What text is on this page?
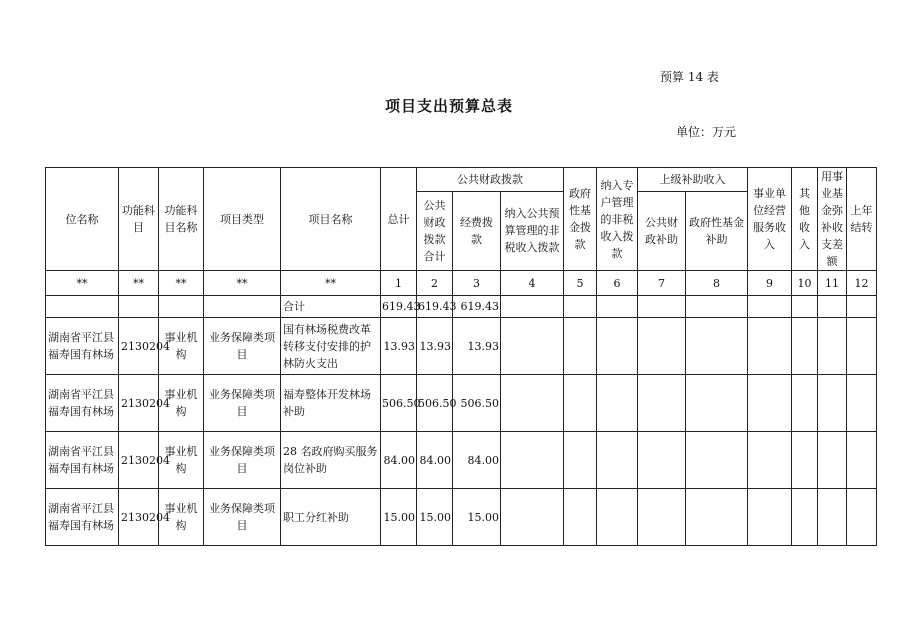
预算 14 表
项目支出预算总表
单位：万元
位名称	功能科目	功能科目名称	项目类型	项目名称	总计	公共财政拨款			政府性基金拨款	纳入专户管理的非税收入拨款	上级补助收入		事业单位经营服务收入	其他收入	用事业基金弥补收支差额	上年结转
						公共财政拨款合计	经费拨款	纳入公共预算管理的非税收入拨款			公共财政补助	政府性基金补助				
**	**	**	**	**	1	2	3	4	5	6	7	8	9	10	11	12
				合计	619.43	619.43	619.43									
湖南省平江县福寿国有林场	2130204	事业机构	业务保障类项目	国有林场税费改革转移支付安排的护林防火支出	13.93	13.93	13.93									
湖南省平江县福寿国有林场	2130204	事业机构	业务保障类项目	福寿整体开发林场补助	506.50	506.50	506.50									
湖南省平江县福寿国有林场	2130204	事业机构	业务保障类项目	28 名政府购买服务岗位补助	84.00	84.00	84.00									
湖南省平江县福寿国有林场	2130204	事业机构	业务保障类项目	职工分红补助	15.00	15.00	15.00									
